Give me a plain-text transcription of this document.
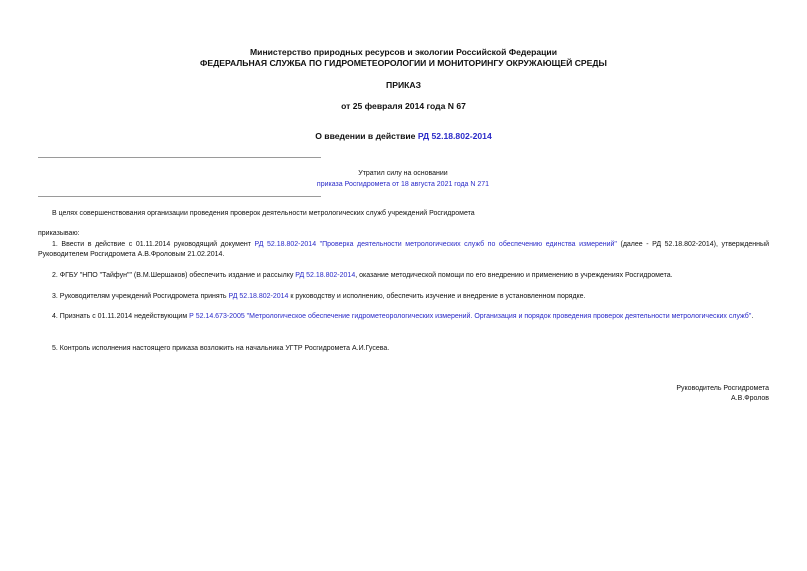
Министерство природных ресурсов и экологии Российской Федерации

ФЕДЕРАЛЬНАЯ СЛУЖБА ПО ГИДРОМЕТЕОРОЛОГИИ И МОНИТОРИНГУ ОКРУЖАЮЩЕЙ СРЕДЫ

ПРИКАЗ

от 25 февраля 2014 года N 67

О введении в действие РД 52.18.802-2014

Утратил силу на основании

приказа Росгидромета от 18 августа 2021 года N 271

В целях совершенствования организации проведения проверок деятельности метрологических служб учреждений Росгидромета

приказываю:

1. Ввести в действие с 01.11.2014 руководящий документ РД 52.18.802-2014 "Проверка деятельности метрологических служб по обеспечению единства измерений" (далее - РД 52.18.802-2014), утвержденный Руководителем Росгидромета А.В.Фроловым 21.02.2014.

2. ФГБУ "НПО "Тайфун"" (В.М.Шершаков) обеспечить издание и рассылку РД 52.18.802-2014, оказание методической помощи по его внедрению и применению в учреждениях Росгидромета.

3. Руководителям учреждений Росгидромета принять РД 52.18.802-2014 к руководству и исполнению, обеспечить изучение и внедрение в установленном порядке.

4. Признать с 01.11.2014 недействующим Р 52.14.673-2005 "Метрологическое обеспечение гидрометеорологических измерений. Организация и порядок проведения проверок деятельности метрологических служб".

5. Контроль исполнения настоящего приказа возложить на начальника УГТР Росгидромета А.И.Гусева.

Руководитель Росгидромета

А.В.Фролов
